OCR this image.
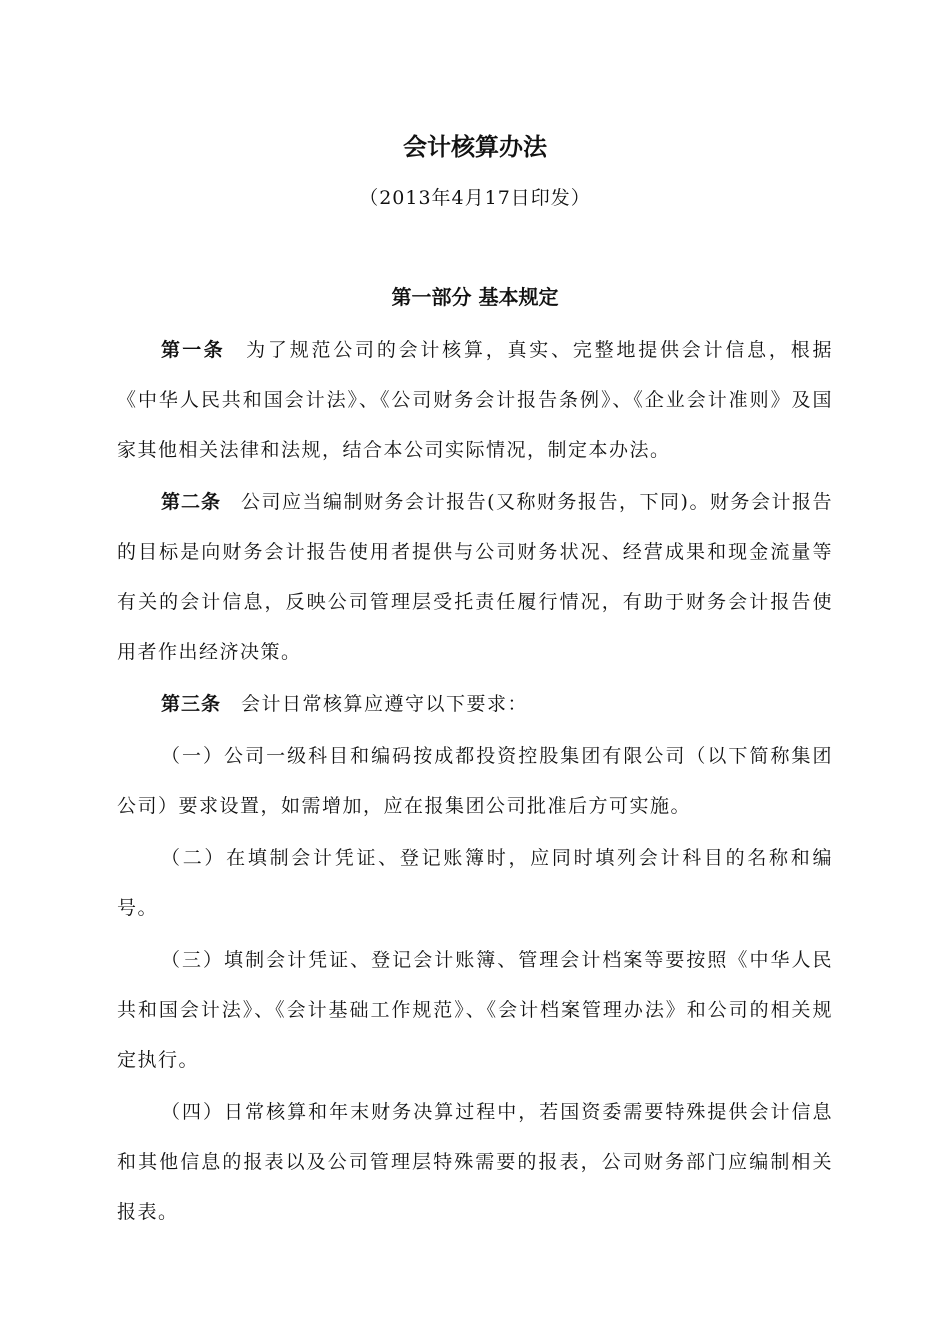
会计核算办法
（2013年4月17日印发）
第一部分 基本规定

第一条 为了规范公司的会计核算，真实、完整地提供会计信息，根据《中华人民共和国会计法》、《公司财务会计报告条例》、《企业会计准则》及国家其他相关法律和法规，结合本公司实际情况，制定本办法。

第二条 公司应当编制财务会计报告(又称财务报告，下同)。财务会计报告的目标是向财务会计报告使用者提供与公司财务状况、经营成果和现金流量等有关的会计信息，反映公司管理层受托责任履行情况，有助于财务会计报告使用者作出经济决策。

第三条 会计日常核算应遵守以下要求：

（一）公司一级科目和编码按成都投资控股集团有限公司（以下简称集团公司）要求设置，如需增加，应在报集团公司批准后方可实施。

（二）在填制会计凭证、登记账簿时，应同时填列会计科目的名称和编号。

（三）填制会计凭证、登记会计账簿、管理会计档案等要按照《中华人民共和国会计法》、《会计基础工作规范》、《会计档案管理办法》和公司的相关规定执行。

（四）日常核算和年末财务决算过程中，若国资委需要特殊提供会计信息和其他信息的报表以及公司管理层特殊需要的报表，公司财务部门应编制相关报表。
